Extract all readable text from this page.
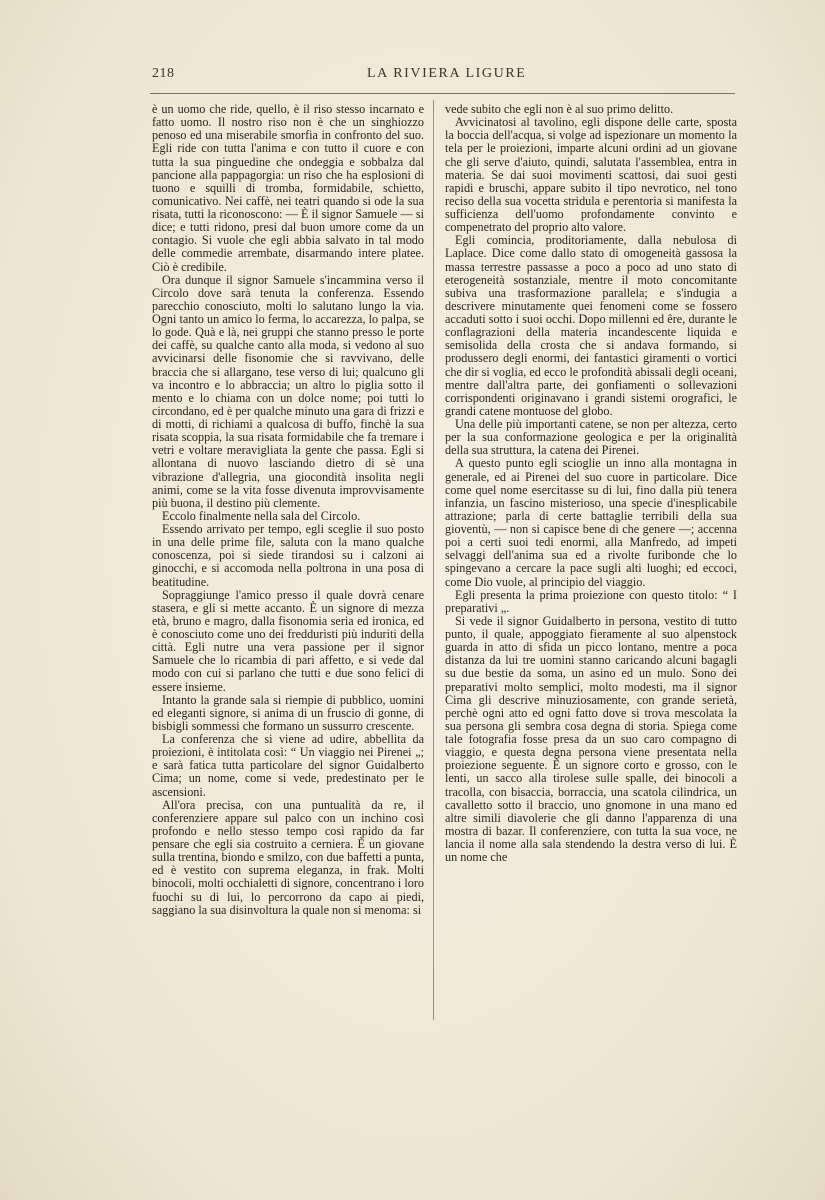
218	LA RIVIERA LIGURE

è un uomo che ride, quello, è il riso stesso incarnato e fatto uomo. Il nostro riso non è che un singhiozzo penoso ed una miserabile smorfia in confronto del suo. Egli ride con tutta l'anima e con tutto il cuore e con tutta la sua pinguedine che ondeggia e sobbalza dal pancione alla pappagorgia: un riso che ha esplosioni di tuono e squilli di tromba, formidabile, schietto, comunicativo. Nei caffè, nei teatri quando si ode la sua risata, tutti la riconoscono: — È il signor Samuele — si dice; e tutti ridono, presi dal buon umore come da un contagio. Si vuole che egli abbia salvato in tal modo delle commedie arrembate, disarmando intere platee. Ciò è credibile.

Ora dunque il signor Samuele s'incammina verso il Circolo dove sarà tenuta la conferenza. Essendo parecchio conosciuto, molti lo salutano lungo la via. Ogni tanto un amico lo ferma, lo accarezza, lo palpa, se lo gode. Quà e là, nei gruppi che stanno presso le porte dei caffè, su qualche canto alla moda, si vedono al suo avvicinarsi delle fisonomie che si ravvivano, delle braccia che si allargano, tese verso di lui; qualcuno gli va incontro e lo abbraccia; un altro lo piglia sotto il mento e lo chiama con un dolce nome; poi tutti lo circondano, ed è per qualche minuto una gara di frizzi e di motti, di richiami a qualcosa di buffo, finchè la sua risata scoppia, la sua risata formidabile che fa tremare i vetri e voltare meravigliata la gente che passa. Egli si allontana di nuovo lasciando dietro di sè una vibrazione d'allegria, una giocondità insolita negli animi, come se la vita fosse divenuta improvvisamente più buona, il destino più clemente.

Eccolo finalmente nella sala del Circolo.

Essendo arrivato per tempo, egli sceglie il suo posto in una delle prime file, saluta con la mano qualche conoscenza, poi si siede tirandosi su i calzoni ai ginocchi, e si accomoda nella poltrona in una posa di beatitudine.

Sopraggiunge l'amico presso il quale dovrà cenare stasera, e gli si mette accanto. È un signore di mezza età, bruno e magro, dalla fisonomia seria ed ironica, ed è conosciuto come uno dei freddurìsti più induriti della città. Egli nutre una vera passione per il signor Samuele che lo ricambia di pari affetto, e si vede dal modo con cui si parlano che tutti e due sono felici di essere insieme.

Intanto la grande sala si riempie di pubblico, uomini ed eleganti signore, si anima di un fruscio di gonne, di bisbigli sommessi che formano un sussurro crescente.

La conferenza che si viene ad udire, abbellita da proiezioni, è intitolata così: “ Un viaggio nei Pirenei „; e sarà fatica tutta particolare del signor Guidalberto Cima; un nome, come si vede, predestinato per le ascensioni.

All'ora precisa, con una puntualità da re, il conferenziere appare sul palco con un inchino così profondo e nello stesso tempo così rapido da far pensare che egli sia costruito a cerniera. È un giovane sulla trentina, biondo e smilzo, con due baffetti a punta, ed è vestito con suprema eleganza, in frak. Molti binocoli, molti occhialetti di signore, concentrano i loro fuochi su di lui, lo percorrono da capo ai piedi, saggiano la sua disinvoltura la quale non si menoma: si

vede subito che egli non è al suo primo delitto.

Avvicinatosi al tavolino, egli dispone delle carte, sposta la boccia dell'acqua, si volge ad ispezionare un momento la tela per le proiezioni, imparte alcuni ordini ad un giovane che gli serve d'aiuto, quindi, salutata l'assemblea, entra in materia. Se dai suoi movimenti scattosi, dai suoi gesti rapidi e bruschi, appare subito il tipo nevrotico, nel tono reciso della sua vocetta stridula e perentoria si manifesta la sufficienza dell'uomo profondamente convinto e compenetrato del proprio alto valore.

Egli comincia, proditoriamente, dalla nebulosa di Laplace. Dice come dallo stato di omogeneità gassosa la massa terrestre passasse a poco a poco ad uno stato di eterogeneità sostanziale, mentre il moto concomitante subiva una trasformazione parallela; e s'indugia a descrivere minutamente quei fenomeni come se fossero accaduti sotto i suoi occhi. Dopo millenni ed êre, durante le conflagrazioni della materia incandescente liquida e semisolida della crosta che si andava formando, si produssero degli enormi, dei fantastici giramenti o vortici che dir si voglia, ed ecco le profondità abissali degli oceani, mentre dall'altra parte, dei gonfiamenti o sollevazioni corrispondenti originavano i grandi sistemi orografici, le grandi catene montuose del globo.

Una delle più importanti catene, se non per altezza, certo per la sua conformazione geologica e per la originalità della sua struttura, la catena dei Pirenei.

A questo punto egli scioglie un inno alla montagna in generale, ed ai Pirenei del suo cuore in particolare. Dice come quel nome esercitasse su di lui, fino dalla più tenera infanzia, un fascino misterioso, una specie d'inesplicabile attrazione; parla di certe battaglie terribili della sua gioventù, — non si capisce bene di che genere —; accenna poi a certi suoi tedi enormi, alla Manfredo, ad impeti selvaggi dell'anima sua ed a rivolte furibonde che lo spingevano a cercare la pace sugli alti luoghi; ed eccoci, come Dio vuole, al principio del viaggio.

Egli presenta la prima proiezione con questo titolo: “ I preparativi „.

Si vede il signor Guidalberto in persona, vestito di tutto punto, il quale, appoggiato fieramente al suo alpenstock guarda in atto di sfida un picco lontano, mentre a poca distanza da lui tre uomini stanno caricando alcuni bagagli su due bestie da soma, un asino ed un mulo. Sono dei preparativi molto semplici, molto modesti, ma il signor Cima gli descrive minuziosamente, con grande serietà, perchè ogni atto ed ogni fatto dove si trova mescolata la sua persona gli sembra cosa degna di storia. Spiega come tale fotografia fosse presa da un suo caro compagno di viaggio, e questa degna persona viene presentata nella proiezione seguente. È un signore corto e grosso, con le lenti, un sacco alla tirolese sulle spalle, dei binocoli a tracolla, con bisaccia, borraccia, una scatola cilindrica, un cavalletto sotto il braccio, uno gnomone in una mano ed altre simili diavolerie che gli danno l'apparenza di una mostra di bazar. Il conferenziere, con tutta la sua voce, ne lancia il nome alla sala stendendo la destra verso di lui. È un nome che
